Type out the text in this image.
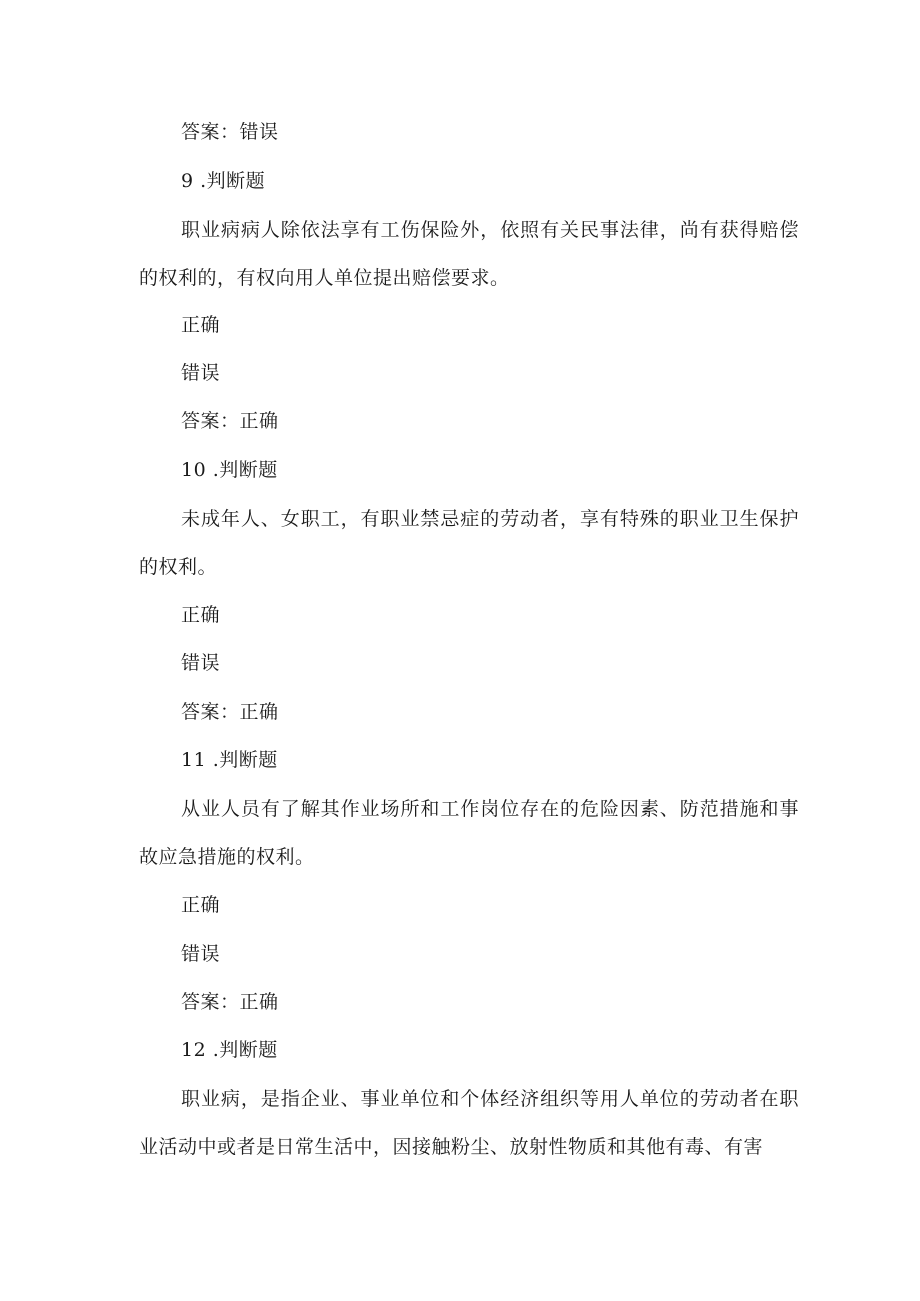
答案：错误
9 .判断题
职业病病人除依法享有工伤保险外，依照有关民事法律，尚有获得赔偿的权利的，有权向用人单位提出赔偿要求。
正确
错误
答案：正确
10 .判断题
未成年人、女职工，有职业禁忌症的劳动者，享有特殊的职业卫生保护的权利。
正确
错误
答案：正确
11 .判断题
从业人员有了解其作业场所和工作岗位存在的危险因素、防范措施和事故应急措施的权利。
正确
错误
答案：正确
12 .判断题
职业病，是指企业、事业单位和个体经济组织等用人单位的劳动者在职业活动中或者是日常生活中，因接触粉尘、放射性物质和其他有毒、有害
